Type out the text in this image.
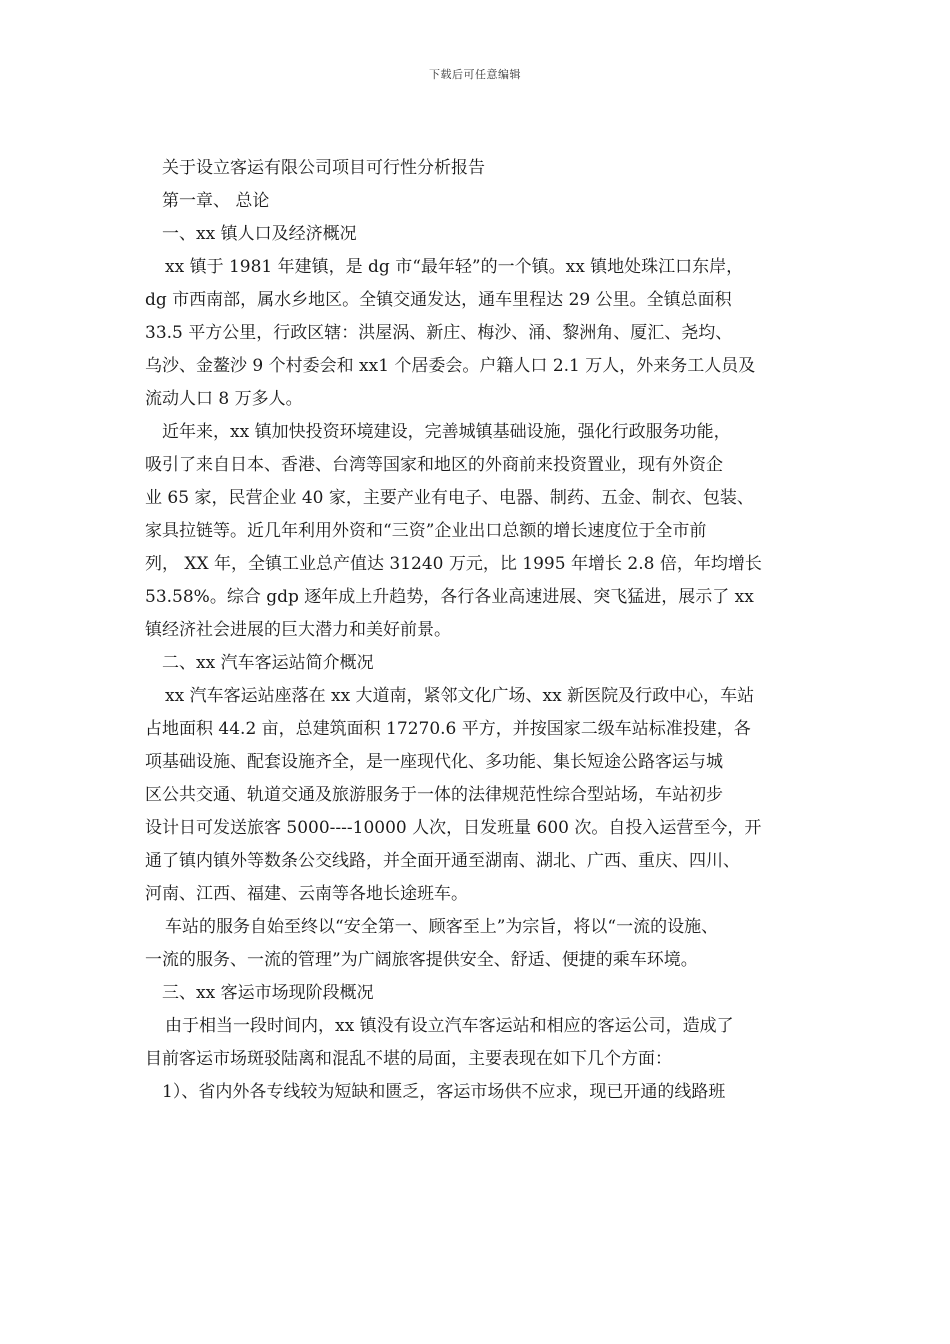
下载后可任意编辑

关于设立客运有限公司项目可行性分析报告

第一章、 总论

一、xx 镇人口及经济概况

xx 镇于 1981 年建镇，是 dg 市“最年轻”的一个镇。xx 镇地处珠江口东岸，

dg 市西南部，属水乡地区。全镇交通发达，通车里程达 29 公里。全镇总面积

33.5 平方公里，行政区辖：洪屋涡、新庄、梅沙、涌、黎洲角、厦汇、尧均、

乌沙、金鳌沙 9 个村委会和 xx1 个居委会。户籍人口 2.1 万人，外来务工人员及

流动人口 8 万多人。

近年来，xx 镇加快投资环境建设，完善城镇基础设施，强化行政服务功能，

吸引了来自日本、香港、台湾等国家和地区的外商前来投资置业，现有外资企

业 65 家，民营企业 40 家，主要产业有电子、电器、制药、五金、制衣、包装、

家具拉链等。近几年利用外资和“三资”企业出口总额的增长速度位于全市前

列， XX 年，全镇工业总产值达 31240 万元，比 1995 年增长 2.8 倍，年均增长

53.58%。综合 gdp 逐年成上升趋势，各行各业高速进展、突飞猛进，展示了 xx

镇经济社会进展的巨大潜力和美好前景。

二、xx 汽车客运站简介概况

xx 汽车客运站座落在 xx 大道南，紧邻文化广场、xx 新医院及行政中心，车站

占地面积 44.2 亩，总建筑面积 17270.6 平方，并按国家二级车站标准投建，各

项基础设施、配套设施齐全，是一座现代化、多功能、集长短途公路客运与城

区公共交通、轨道交通及旅游服务于一体的法律规范性综合型站场，车站初步

设计日可发送旅客 5000----10000 人次，日发班量 600 次。自投入运营至今，开

通了镇内镇外等数条公交线路，并全面开通至湖南、湖北、广西、重庆、四川、

河南、江西、福建、云南等各地长途班车。

车站的服务自始至终以“安全第一、顾客至上”为宗旨，将以“一流的设施、

一流的服务、一流的管理”为广阔旅客提供安全、舒适、便捷的乘车环境。

三、xx 客运市场现阶段概况

由于相当一段时间内，xx 镇没有设立汽车客运站和相应的客运公司，造成了

目前客运市场斑驳陆离和混乱不堪的局面，主要表现在如下几个方面：

1）、省内外各专线较为短缺和匮乏，客运市场供不应求，现已开通的线路班
